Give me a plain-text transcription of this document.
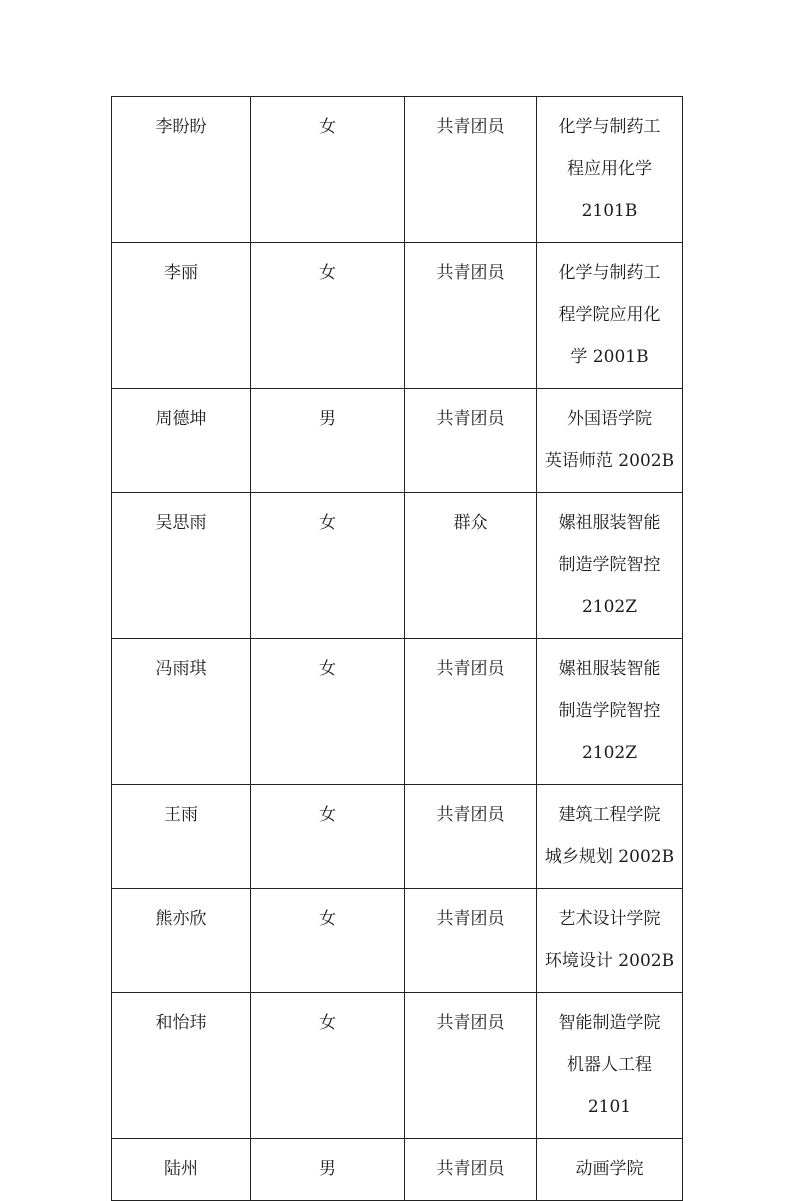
李盼盼	女	共青团员	化学与制药工
程应用化学
2101B

李丽	女	共青团员	化学与制药工
程学院应用化
学 2001B

周德坤	男	共青团员	外国语学院
英语师范 2002B

吴思雨	女	群众	嫘祖服装智能
制造学院智控
2102Z

冯雨琪	女	共青团员	嫘祖服装智能
制造学院智控
2102Z

王雨	女	共青团员	建筑工程学院
城乡规划 2002B

熊亦欣	女	共青团员	艺术设计学院
环境设计 2002B

和怡玮	女	共青团员	智能制造学院
机器人工程
2101

陆州	男	共青团员	动画学院
